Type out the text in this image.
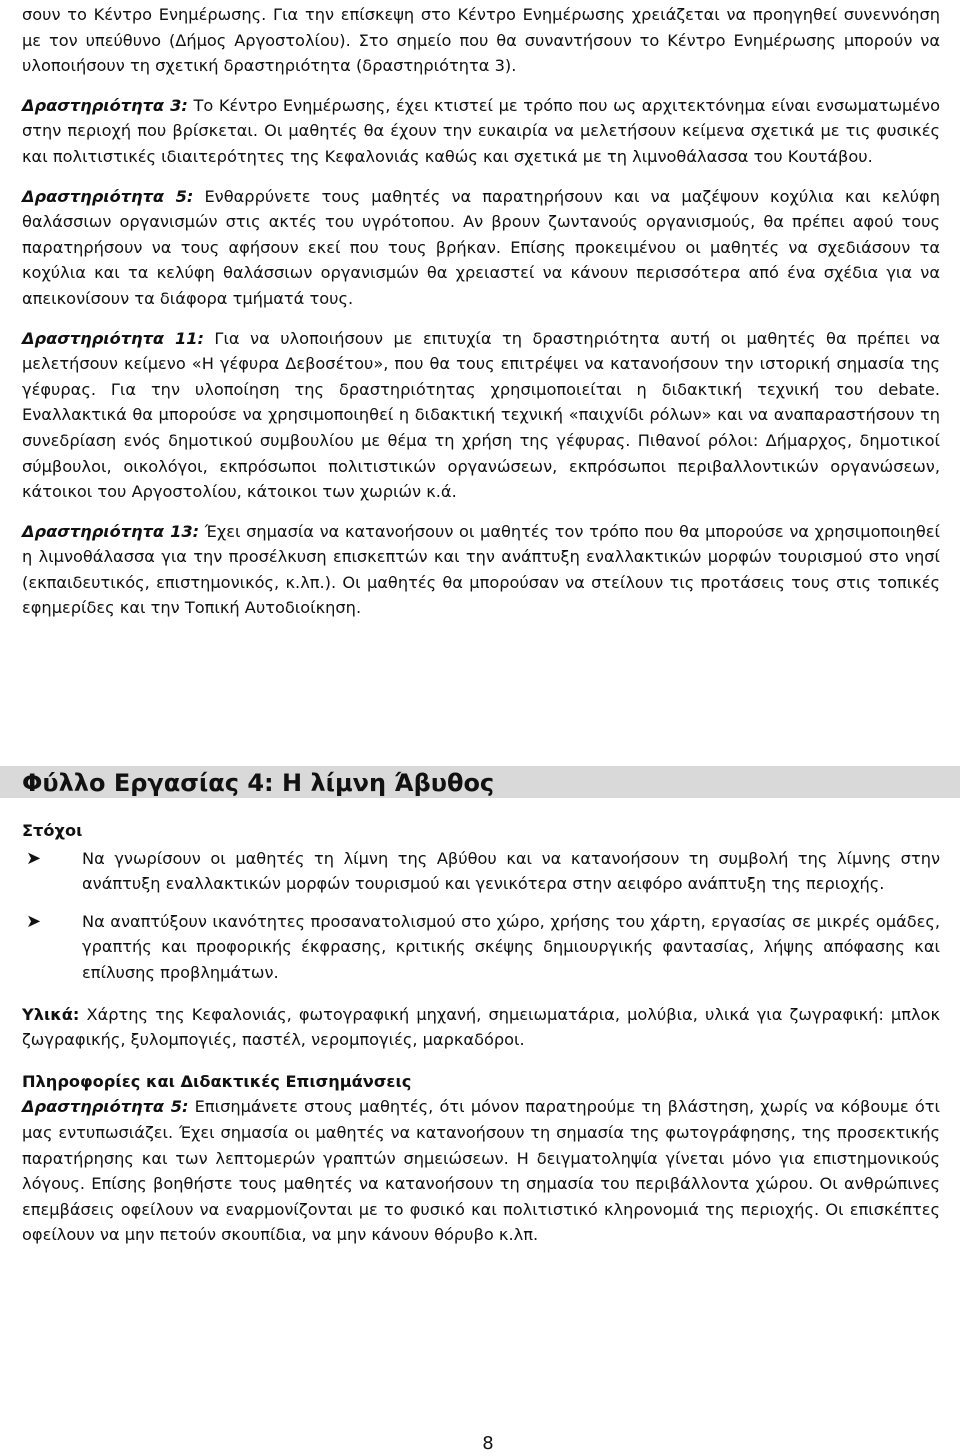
σουν το Κέντρο Ενημέρωσης. Για την επίσκεψη στο Κέντρο Ενημέρωσης χρειάζεται να προηγηθεί συνεννόηση με τον υπεύθυνο (Δήμος Αργοστολίου). Στο σημείο που θα συναντήσουν το Κέντρο Ενημέρωσης μπορούν να υλοποιήσουν τη σχετική δραστηριότητα (δραστηριότητα 3).

Δραστηριότητα 3: Το Κέντρο Ενημέρωσης, έχει κτιστεί με τρόπο που ως αρχιτεκτόνημα είναι ενσωματωμένο στην περιοχή που βρίσκεται. Οι μαθητές θα έχουν την ευκαιρία να μελετήσουν κείμενα σχετικά με τις φυσικές και πολιτιστικές ιδιαιτερότητες της Κεφαλονιάς καθώς και σχετικά με τη λιμνοθάλασσα του Κουτάβου.

Δραστηριότητα 5: Ενθαρρύνετε τους μαθητές να παρατηρήσουν και να μαζέψουν κοχύλια και κελύφη θαλάσσιων οργανισμών στις ακτές του υγρότοπου. Αν βρουν ζωντανούς οργανισμούς, θα πρέπει αφού τους παρατηρήσουν να τους αφήσουν εκεί που τους βρήκαν. Επίσης προκειμένου οι μαθητές να σχεδιάσουν τα κοχύλια και τα κελύφη θαλάσσιων οργανισμών θα χρειαστεί να κάνουν περισσότερα από ένα σχέδια για να απεικονίσουν τα διάφορα τμήματά τους.

Δραστηριότητα 11: Για να υλοποιήσουν με επιτυχία τη δραστηριότητα αυτή οι μαθητές θα πρέπει να μελετήσουν κείμενο «Η γέφυρα Δεβοσέτου», που θα τους επιτρέψει να κατανοήσουν την ιστορική σημασία της γέφυρας. Για την υλοποίηση της δραστηριότητας χρησιμοποιείται η διδακτική τεχνική του debate. Εναλλακτικά θα μπορούσε να χρησιμοποιηθεί η διδακτική τεχνική «παιχνίδι ρόλων» και να αναπαραστήσουν τη συνεδρίαση ενός δημοτικού συμβουλίου με θέμα τη χρήση της γέφυρας. Πιθανοί ρόλοι: Δήμαρχος, δημοτικοί σύμβουλοι, οικολόγοι, εκπρόσωποι πολιτιστικών οργανώσεων, εκπρόσωποι περιβαλλοντικών οργανώσεων, κάτοικοι του Αργοστολίου, κάτοικοι των χωριών κ.ά.

Δραστηριότητα 13: Έχει σημασία να κατανοήσουν οι μαθητές τον τρόπο που θα μπορούσε να χρησιμοποιηθεί η λιμνοθάλασσα για την προσέλκυση επισκεπτών και την ανάπτυξη εναλλακτικών μορφών τουρισμού στο νησί (εκπαιδευτικός, επιστημονικός, κ.λπ.). Οι μαθητές θα μπορούσαν να στείλουν τις προτάσεις τους στις τοπικές εφημερίδες και την Τοπική Αυτοδιοίκηση.

Φύλλο Εργασίας 4: Η λίμνη Άβυθος
Στόχοι
➤	Να γνωρίσουν οι μαθητές τη λίμνη της Αβύθου και να κατανοήσουν τη συμβολή της λίμνης στην ανάπτυξη εναλλακτικών μορφών τουρισμού και γενικότερα στην αειφόρο ανάπτυξη της περιοχής.

➤	Να αναπτύξουν ικανότητες προσανατολισμού στο χώρο, χρήσης του χάρτη, εργασίας σε μικρές ομάδες, γραπτής και προφορικής έκφρασης, κριτικής σκέψης δημιουργικής φαντασίας, λήψης απόφασης και επίλυσης προβλημάτων.

Υλικά: Χάρτης της Κεφαλονιάς, φωτογραφική μηχανή, σημειωματάρια, μολύβια, υλικά για ζωγραφική: μπλοκ ζωγραφικής, ξυλομπογιές, παστέλ, νερομπογιές, μαρκαδόροι.

Πληροφορίες και Διδακτικές Επισημάνσεις

Δραστηριότητα 5: Επισημάνετε στους μαθητές, ότι μόνον παρατηρούμε τη βλάστηση, χωρίς να κόβουμε ότι μας εντυπωσιάζει. Έχει σημασία οι μαθητές να κατανοήσουν τη σημασία της φωτογράφησης, της προσεκτικής παρατήρησης και των λεπτομερών γραπτών σημειώσεων. Η δειγματοληψία γίνεται μόνο για επιστημονικούς λόγους. Επίσης βοηθήστε τους μαθητές να κατανοήσουν τη σημασία του περιβάλλοντα χώρου. Οι ανθρώπινες επεμβάσεις οφείλουν να εναρμονίζονται με το φυσικό και πολιτιστικό κληρονομιά της περιοχής. Οι επισκέπτες οφείλουν να μην πετούν σκουπίδια, να μην κάνουν θόρυβο κ.λπ.

8
